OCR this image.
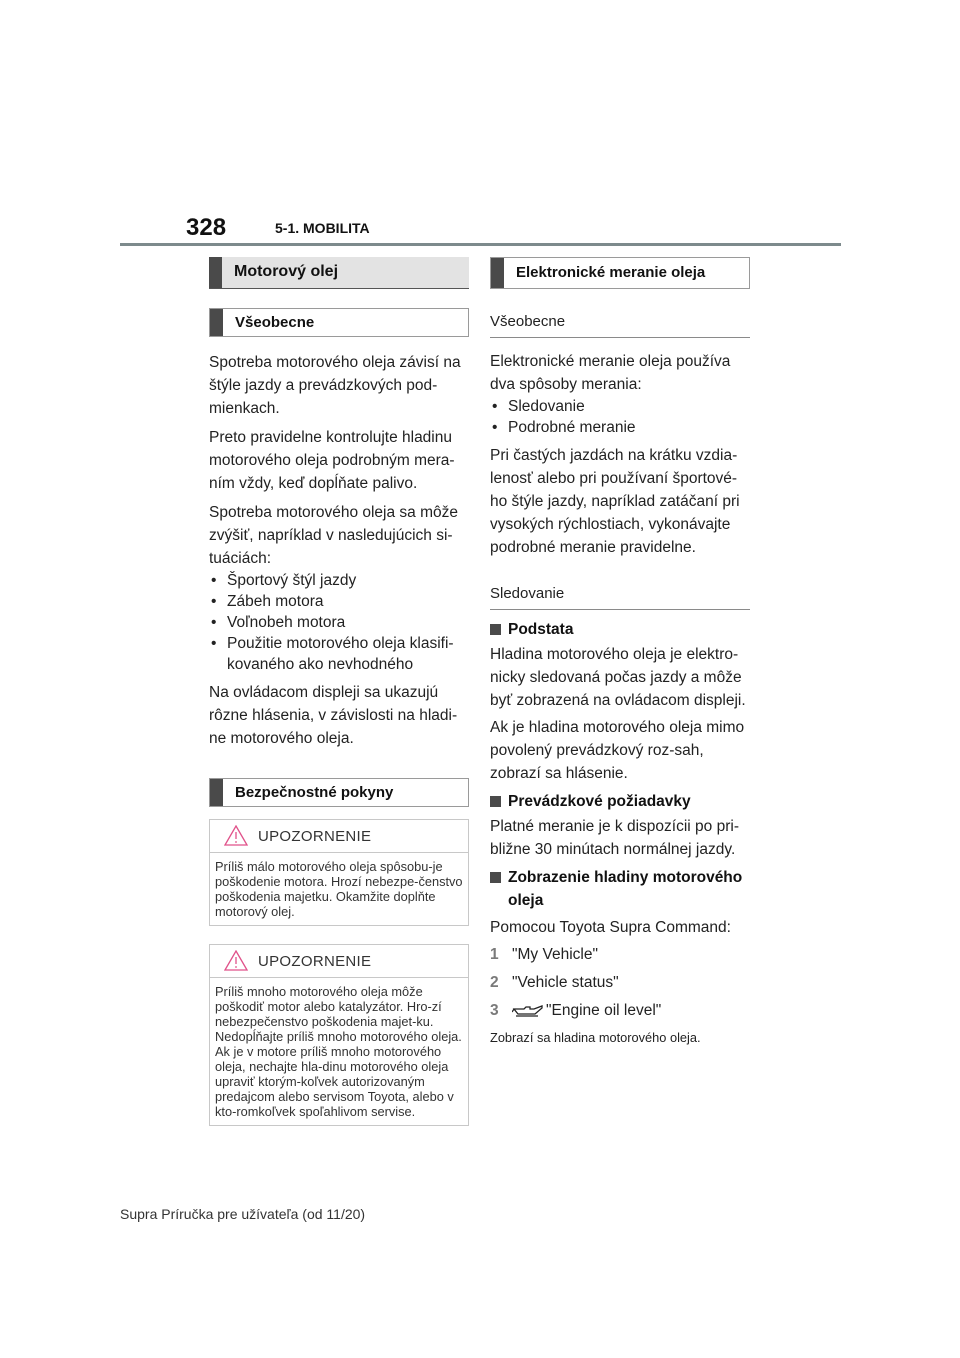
328	5-1. MOBILITA
Motorový olej
Všeobecne

Spotreba motorového oleja závisí na štýle jazdy a prevádzkových pod-mienkach.

Preto pravidelne kontrolujte hladinu motorového oleja podrobným mera-ním vždy, keď dopĺňate palivo.

Spotreba motorového oleja sa môže zvýšiť, napríklad v nasledujúcich si-tuáciách:

• Športový štýl jazdy
• Zábeh motora
• Voľnobeh motora
• Použitie motorového oleja klasifi-kovaného ako nevhodného

Na ovládacom displeji sa ukazujú rôzne hlásenia, v závislosti na hladi-ne motorového oleja.

Bezpečnostné pokyny
UPOZORNENIE
Príliš málo motorového oleja spôsobu-je poškodenie motora. Hrozí nebezpe-čenstvo poškodenia majetku. Okamžite doplňte motorový olej.
UPOZORNENIE
Príliš mnoho motorového oleja môže poškodiť motor alebo katalyzátor. Hro-zí nebezpečenstvo poškodenia majet-ku. Nedopĺňajte príliš mnoho motorového oleja. Ak je v motore príliš mnoho motorového oleja, nechajte hla-dinu motorového oleja upraviť ktorým-koľvek autorizovaným predajcom alebo servisom Toyota, alebo v kto-romkoľvek spoľahlivom servise.
Elektronické meranie oleja
Všeobecne

Elektronické meranie oleja používa dva spôsoby merania:

• Sledovanie
• Podrobné meranie

Pri častých jazdách na krátku vzdia-lenosť alebo pri používaní športové-ho štýle jazdy, napríklad zatáčaní pri vysokých rýchlostiach, vykonávajte podrobné meranie pravidelne.

Sledovanie
Podstata

Hladina motorového oleja je elektro-nicky sledovaná počas jazdy a môže byť zobrazená na ovládacom displeji.

Ak je hladina motorového oleja mimo povolený prevádzkový roz-sah, zobrazí sa hlásenie.

Prevádzkové požiadavky

Platné meranie je k dispozícii po pri-bližne 30 minútach normálnej jazdy.

Zobrazenie hladiny motorového oleja

Pomocou Toyota Supra Command:

1 "My Vehicle"
2 "Vehicle status"
3	"Engine oil level"

Zobrazí sa hladina motorového oleja.

Supra Príručka pre užívateľa (od 11/20)
